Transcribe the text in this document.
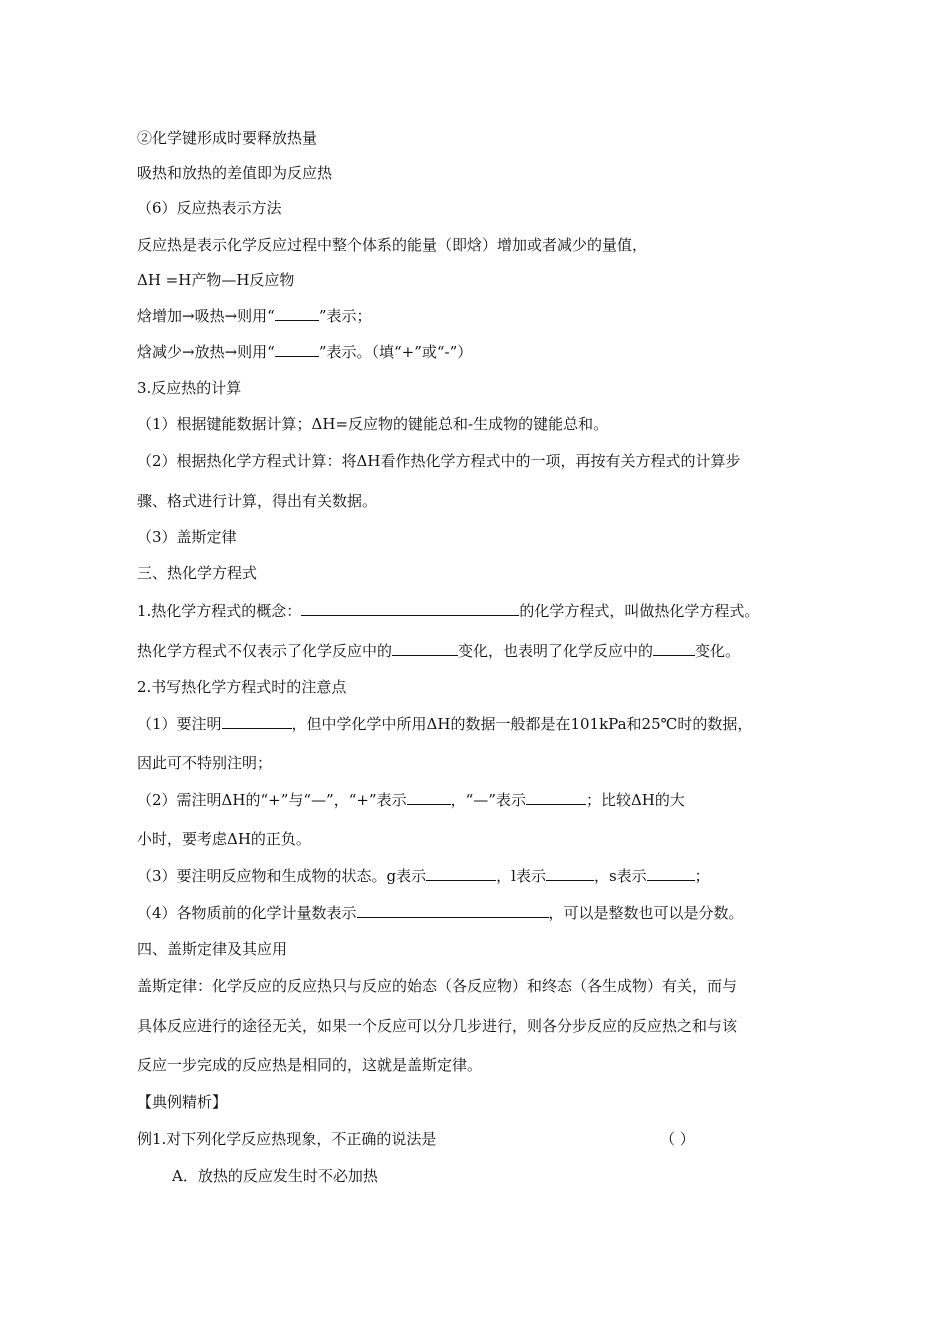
②化学键形成时要释放热量
吸热和放热的差值即为反应热
（6）反应热表示方法
反应热是表示化学反应过程中整个体系的能量（即焓）增加或者减少的量值，
ΔH =H产物—H反应物
焓增加→吸热→则用“	”表示；
焓减少→放热→则用“	”表示。（填“+”或“-”）
3.反应热的计算
（1）根据键能数据计算；ΔH=反应物的键能总和-生成物的键能总和。
（2）根据热化学方程式计算：将ΔH看作热化学方程式中的一项，再按有关方程式的计算步
骤、格式进行计算，得出有关数据。
（3）盖斯定律
三、热化学方程式
1.热化学方程式的概念：	的化学方程式，叫做热化学方程式。
热化学方程式不仅表示了化学反应中的	变化，也表明了化学反应中的	变化。
2.书写热化学方程式时的注意点
（1）要注明	，但中学化学中所用ΔH的数据一般都是在101kPa和25℃时的数据，
因此可不特别注明；
（2）需注明ΔH的“+”与“—”，“+”表示	，“—”表示	；比较ΔH的大
小时，要考虑ΔH的正负。
（3）要注明反应物和生成物的状态。g表示	，l表示	，s表示	；
（4）各物质前的化学计量数表示	，可以是整数也可以是分数。
四、盖斯定律及其应用
盖斯定律：化学反应的反应热只与反应的始态（各反应物）和终态（各生成物）有关，而与
具体反应进行的途径无关，如果一个反应可以分几步进行，则各分步反应的反应热之和与该
反应一步完成的反应热是相同的，这就是盖斯定律。
【典例精析】
例1.对下列化学反应热现象，不正确的说法是	（ ）
A．放热的反应发生时不必加热
